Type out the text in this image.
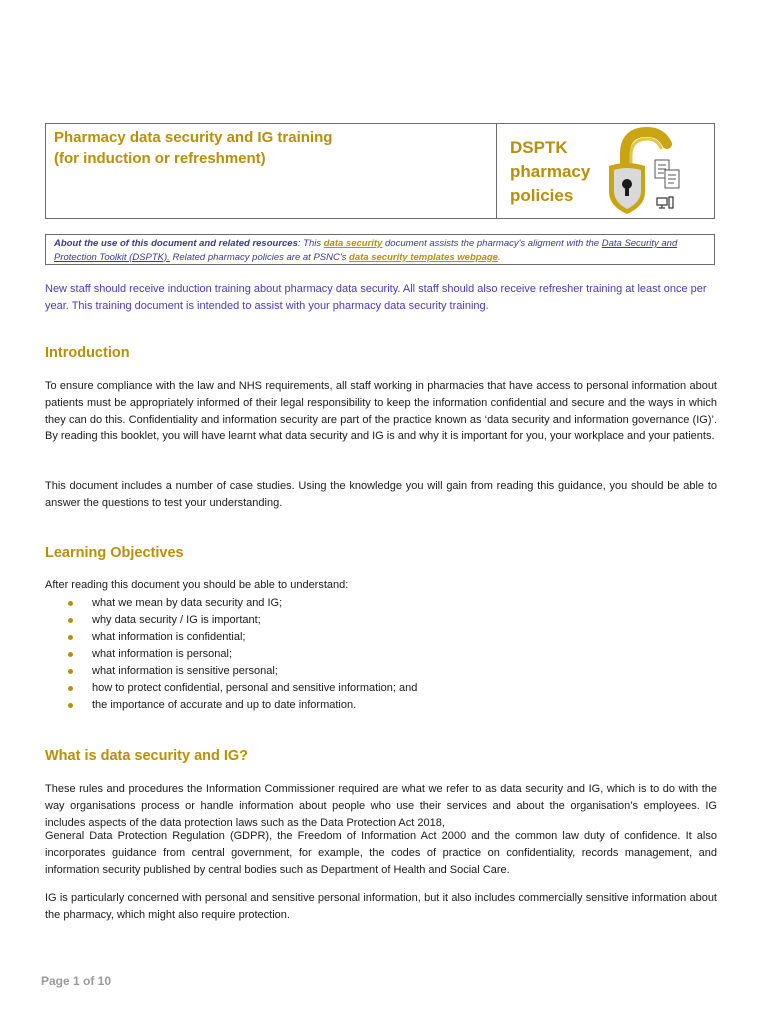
Pharmacy data security and IG training
(for induction or refreshment)
DSPTK
pharmacy
policies
About the use of this document and related resources: This data security document assists the pharmacy's aligment with the Data Security and Protection Toolkit (DSPTK). Related pharmacy policies are at PSNC's data security templates webpage.
New staff should receive induction training about pharmacy data security. All staff should also receive refresher training at least once per year. This training document is intended to assist with your pharmacy data security training.
Introduction
To ensure compliance with the law and NHS requirements, all staff working in pharmacies that have access to personal information about patients must be appropriately informed of their legal responsibility to keep the information confidential and secure and the ways in which they can do this. Confidentiality and information security are part of the practice known as ‘data security and information governance (IG)’. By reading this booklet, you will have learnt what data security and IG is and why it is important for you, your workplace and your patients.
This document includes a number of case studies. Using the knowledge you will gain from reading this guidance, you should be able to answer the questions to test your understanding.
Learning Objectives
After reading this document you should be able to understand:
what we mean by data security and IG;
why data security / IG is important;
what information is confidential;
what information is personal;
what information is sensitive personal;
how to protect confidential, personal and sensitive information; and
the importance of accurate and up to date information.
What is data security and IG?
These rules and procedures the Information Commissioner required are what we refer to as data security and IG, which is to do with the way organisations process or handle information about people who use their services and about the organisation’s employees. IG includes aspects of the data protection laws such as the Data Protection Act 2018,
General Data Protection Regulation (GDPR), the Freedom of Information Act 2000 and the common law duty of confidence. It also incorporates guidance from central government, for example, the codes of practice on confidentiality, records management, and information security published by central bodies such as Department of Health and Social Care.
IG is particularly concerned with personal and sensitive personal information, but it also includes commercially sensitive information about the pharmacy, which might also require protection.
Page 1 of 10
